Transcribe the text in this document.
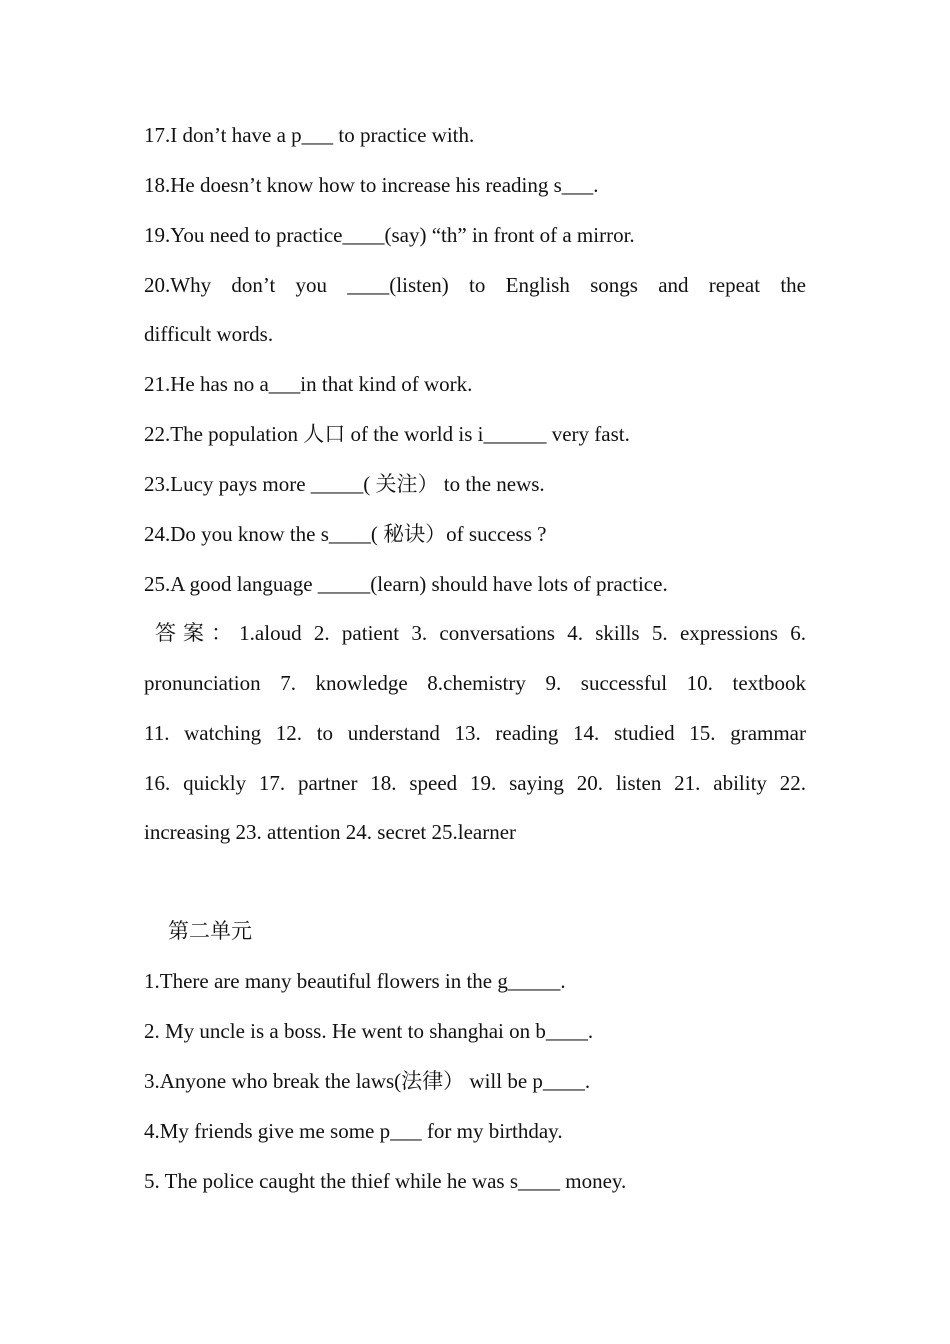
17.I don’t have a p___ to practice with.
18.He doesn’t know how to increase his reading s___.
19.You need to practice____(say) “th” in front of a mirror.
20.Why don’t you ____(listen) to English songs and repeat the
difficult words.
21.He has no a___in that kind of work.
22.The population 人口 of the world is i______ very fast.
23.Lucy pays more _____( 关注） to the news.
24.Do you know the s____( 秘诀）of success ?
25.A good language _____(learn) should have lots of practice.
答案：1.aloud 2. patient 3. conversations 4. skills 5. expressions 6.
pronunciation 7. knowledge 8.chemistry 9. successful 10. textbook
11. watching 12. to understand 13. reading 14. studied 15. grammar
16. quickly 17. partner 18. speed 19. saying 20. listen 21. ability 22.
increasing 23. attention 24. secret 25.learner
第二单元
1.There are many beautiful flowers in the g_____.
2. My uncle is a boss. He went to shanghai on b____.
3.Anyone who break the laws(法律） will be p____.
4.My friends give me some p___ for my birthday.
5. The police caught the thief while he was s____ money.
